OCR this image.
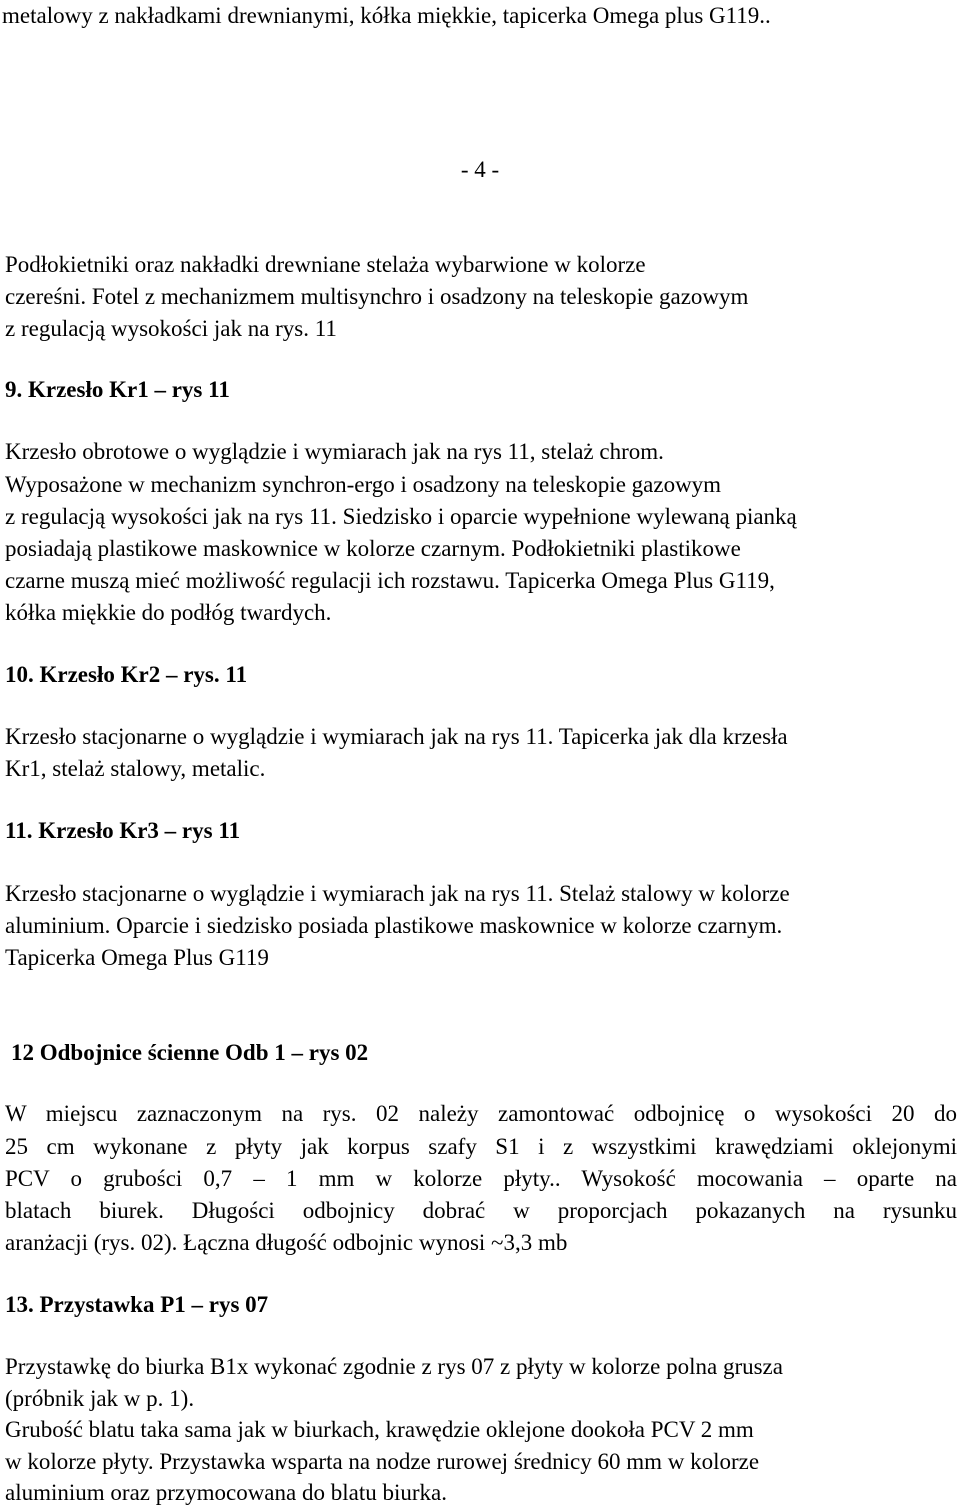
metalowy z nakładkami drewnianymi, kółka miękkie, tapicerka Omega plus G119..
- 4 -
Podłokietniki oraz nakładki drewniane stelaża wybarwione w kolorze
czereśni. Fotel z mechanizmem multisynchro i osadzony na teleskopie gazowym
z regulacją wysokości jak na rys. 11
9. Krzesło Kr1 – rys 11
Krzesło obrotowe o wyglądzie i wymiarach jak na rys 11, stelaż chrom.
Wyposażone w mechanizm synchron-ergo i osadzony na teleskopie gazowym
z regulacją wysokości jak na rys 11. Siedzisko i oparcie wypełnione wylewaną pianką
posiadają plastikowe maskownice w kolorze czarnym. Podłokietniki plastikowe
czarne muszą mieć możliwość regulacji ich rozstawu. Tapicerka Omega Plus G119,
kółka miękkie do podłóg twardych.
10. Krzesło Kr2 – rys. 11
Krzesło stacjonarne o wyglądzie i wymiarach jak na rys 11. Tapicerka jak dla krzesła
Kr1, stelaż stalowy, metalic.
11. Krzesło Kr3 – rys 11
Krzesło stacjonarne o wyglądzie i wymiarach jak na rys 11. Stelaż stalowy w kolorze
aluminium. Oparcie i siedzisko posiada plastikowe maskownice w kolorze czarnym.
Tapicerka Omega Plus G119
12 Odbojnice ścienne Odb 1 – rys 02
W miejscu zaznaczonym na rys. 02 należy zamontować odbojnicę o wysokości 20 do
25 cm wykonane z płyty jak korpus szafy S1 i z wszystkimi krawędziami oklejonymi
PCV o grubości 0,7 – 1 mm w kolorze płyty.. Wysokość mocowania – oparte na
blatach biurek. Długości odbojnicy dobrać w proporcjach pokazanych na rysunku
aranżacji (rys. 02). Łączna długość odbojnic wynosi ~3,3 mb
13. Przystawka P1 – rys 07
Przystawkę do biurka B1x wykonać zgodnie z rys 07 z płyty w kolorze polna grusza
(próbnik jak w p. 1).
Grubość blatu taka sama jak w biurkach, krawędzie oklejone dookoła PCV 2 mm
w kolorze płyty. Przystawka wsparta na nodze rurowej średnicy 60 mm w kolorze
aluminium oraz przymocowana do blatu biurka.
